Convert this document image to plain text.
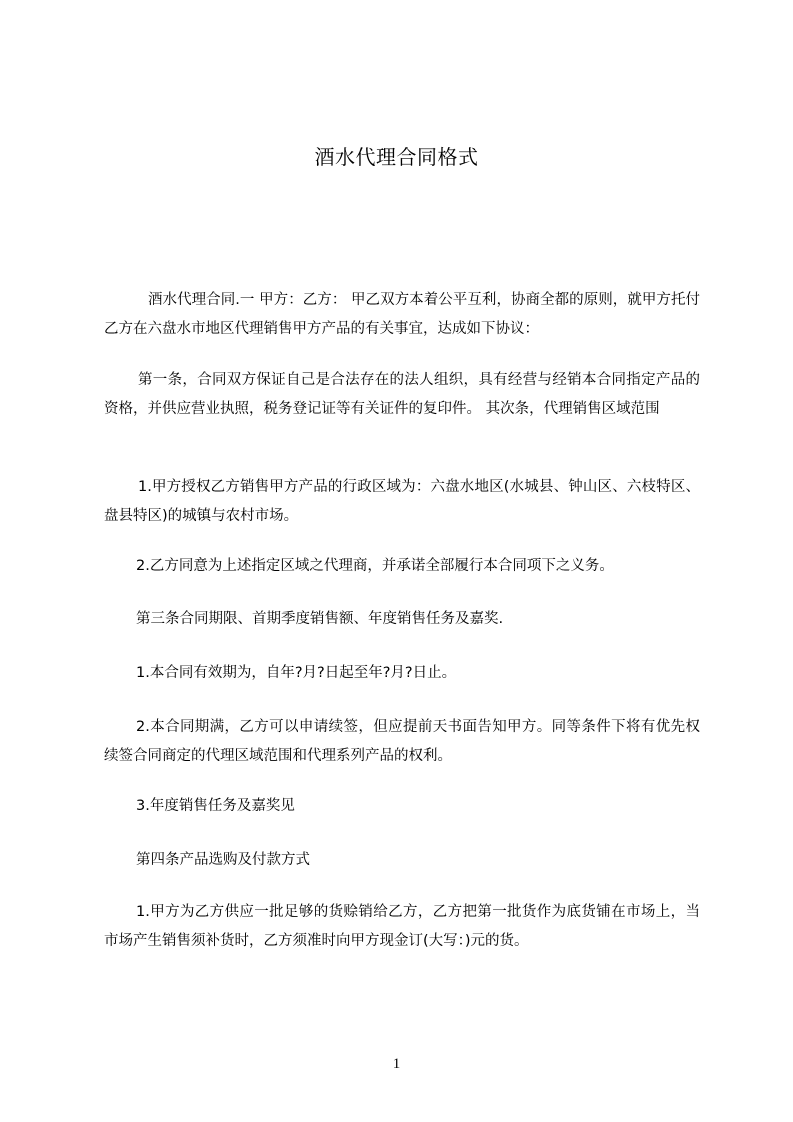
酒水代理合同格式
酒水代理合同.一 甲方：乙方： 甲乙双方本着公平互利，协商全都的原则，就甲方托付乙方在六盘水市地区代理销售甲方产品的有关事宜，达成如下协议：
第一条，合同双方保证自己是合法存在的法人组织，具有经营与经销本合同指定产品的资格，并供应营业执照，税务登记证等有关证件的复印件。 其次条，代理销售区域范围
1.甲方授权乙方销售甲方产品的行政区域为：六盘水地区(水城县、钟山区、六枝特区、盘县特区)的城镇与农村市场。
2.乙方同意为上述指定区域之代理商，并承诺全部履行本合同项下之义务。
第三条合同期限、首期季度销售额、年度销售任务及嘉奖.
1.本合同有效期为，自年?月?日起至年?月?日止。
2.本合同期满，乙方可以申请续签，但应提前天书面告知甲方。同等条件下将有优先权续签合同商定的代理区域范围和代理系列产品的权利。
3.年度销售任务及嘉奖见
第四条产品选购及付款方式
1.甲方为乙方供应一批足够的货赊销给乙方，乙方把第一批货作为底货铺在市场上，当市场产生销售须补货时，乙方须准时向甲方现金订(大写：)元的货。
1
